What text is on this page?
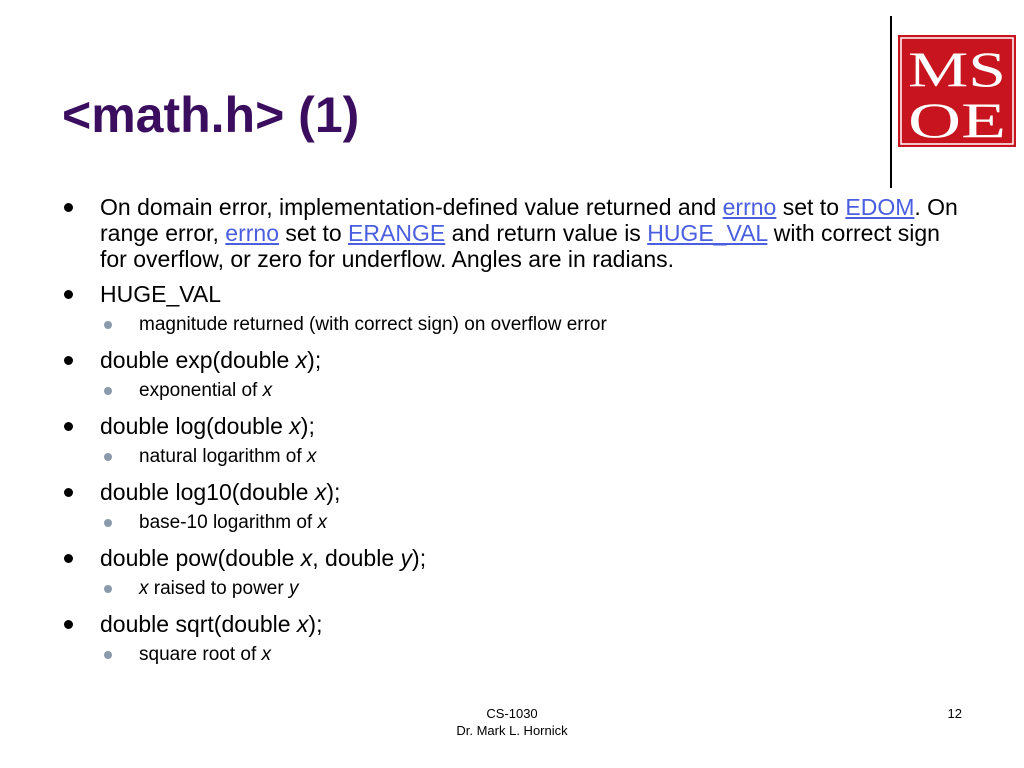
<math.h> (1)
MS
OE
On domain error, implementation-defined value returned and errno set to EDOM. On range error, errno set to ERANGE and return value is HUGE_VAL with correct sign for overflow, or zero for underflow. Angles are in radians.
HUGE_VAL
magnitude returned (with correct sign) on overflow error
double exp(double x);
exponential of x
double log(double x);
natural logarithm of x
double log10(double x);
base-10 logarithm of x
double pow(double x, double y);
x raised to power y
double sqrt(double x);
square root of x
CS-1030
Dr. Mark L. Hornick
12
